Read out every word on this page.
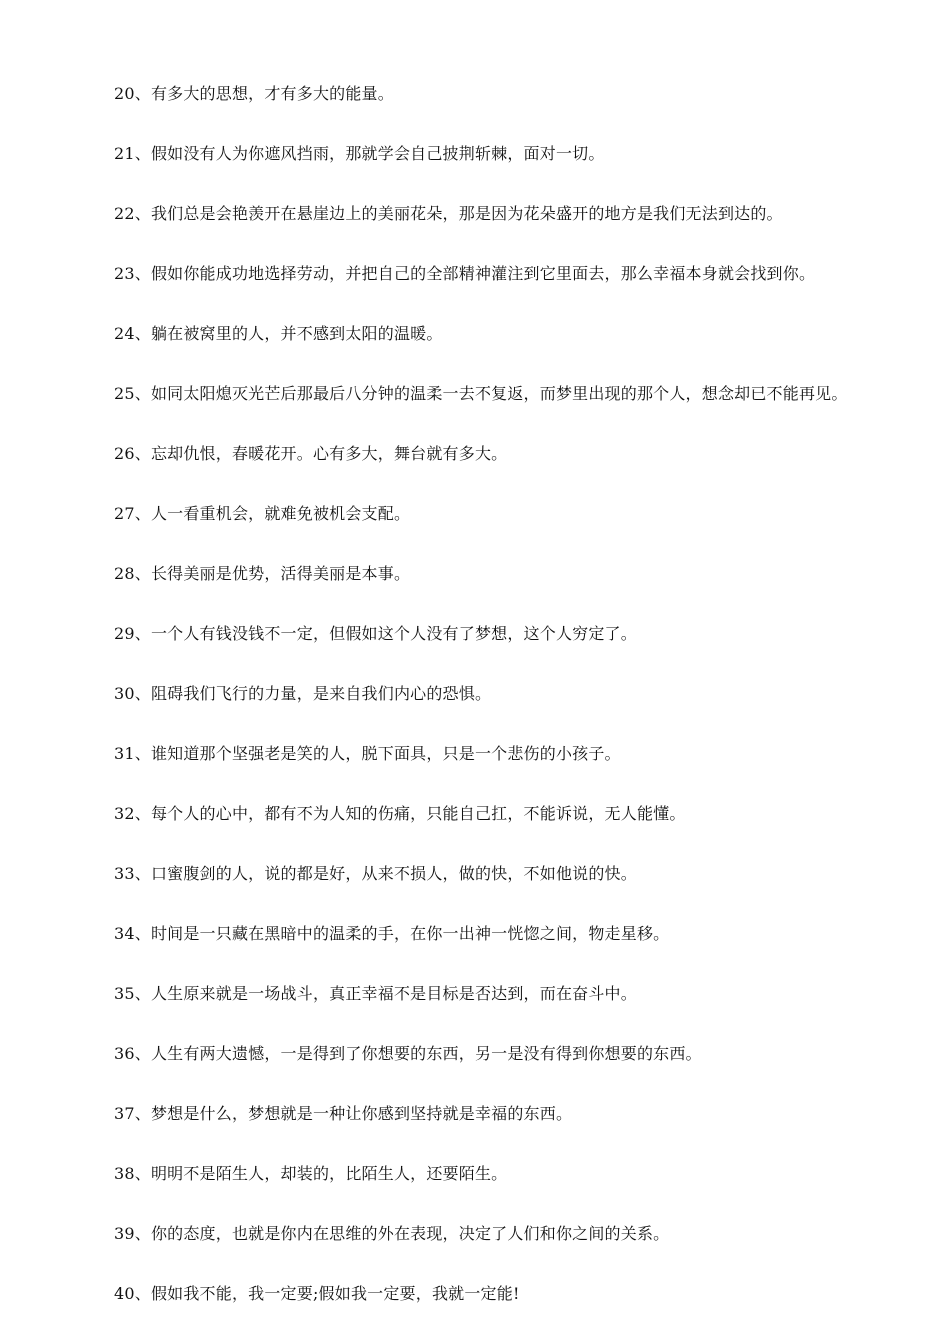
20、有多大的思想，才有多大的能量。

21、假如没有人为你遮风挡雨，那就学会自己披荆斩棘，面对一切。

22、我们总是会艳羡开在悬崖边上的美丽花朵，那是因为花朵盛开的地方是我们无法到达的。

23、假如你能成功地选择劳动，并把自己的全部精神灌注到它里面去，那么幸福本身就会找到你。

24、躺在被窝里的人，并不感到太阳的温暖。

25、如同太阳熄灭光芒后那最后八分钟的温柔一去不复返，而梦里出现的那个人，想念却已不能再见。

26、忘却仇恨，春暖花开。心有多大，舞台就有多大。

27、人一看重机会，就难免被机会支配。

28、长得美丽是优势，活得美丽是本事。

29、一个人有钱没钱不一定，但假如这个人没有了梦想，这个人穷定了。

30、阻碍我们飞行的力量，是来自我们内心的恐惧。

31、谁知道那个坚强老是笑的人，脱下面具，只是一个悲伤的小孩子。

32、每个人的心中，都有不为人知的伤痛，只能自己扛，不能诉说，无人能懂。

33、口蜜腹剑的人，说的都是好，从来不损人，做的快，不如他说的快。

34、时间是一只藏在黑暗中的温柔的手，在你一出神一恍惚之间，物走星移。

35、人生原来就是一场战斗，真正幸福不是目标是否达到，而在奋斗中。

36、人生有两大遗憾，一是得到了你想要的东西，另一是没有得到你想要的东西。

37、梦想是什么，梦想就是一种让你感到坚持就是幸福的东西。

38、明明不是陌生人，却装的，比陌生人，还要陌生。

39、你的态度，也就是你内在思维的外在表现，决定了人们和你之间的关系。

40、假如我不能，我一定要;假如我一定要，我就一定能!
